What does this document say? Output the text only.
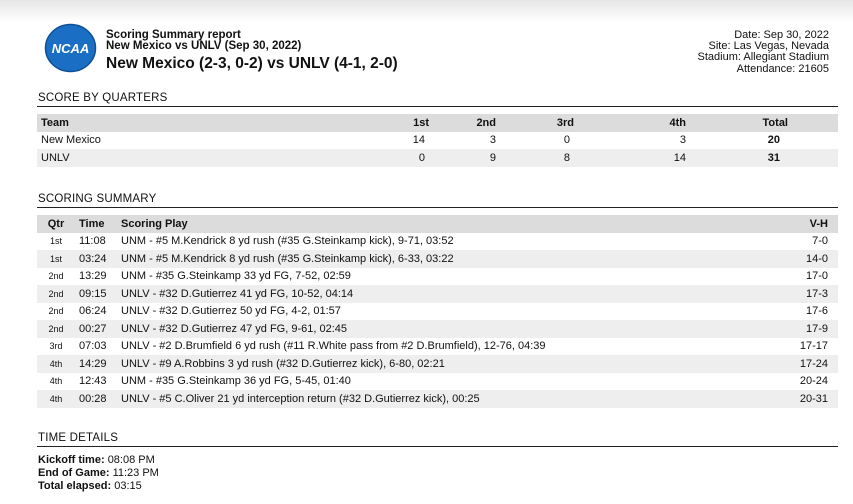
NCAA
Scoring Summary report
New Mexico vs UNLV (Sep 30, 2022)
New Mexico (2-3, 0-2) vs UNLV (4-1, 2-0)
Date: Sep 30, 2022
Site: Las Vegas, Nevada
Stadium: Allegiant Stadium
Attendance: 21605
SCORE BY QUARTERS
Team	1st	2nd	3rd	4th	Total
New Mexico	14	3	0	3	20
UNLV	0	9	8	14	31
SCORING SUMMARY
Qtr	Time	Scoring Play	V-H
1st	11:08	UNM - #5 M.Kendrick 8 yd rush (#35 G.Steinkamp kick), 9-71, 03:52	7-0
1st	03:24	UNM - #5 M.Kendrick 8 yd rush (#35 G.Steinkamp kick), 6-33, 03:22	14-0
2nd	13:29	UNM - #35 G.Steinkamp 33 yd FG, 7-52, 02:59	17-0
2nd	09:15	UNLV - #32 D.Gutierrez 41 yd FG, 10-52, 04:14	17-3
2nd	06:24	UNLV - #32 D.Gutierrez 50 yd FG, 4-2, 01:57	17-6
2nd	00:27	UNLV - #32 D.Gutierrez 47 yd FG, 9-61, 02:45	17-9
3rd	07:03	UNLV - #2 D.Brumfield 6 yd rush (#11 R.White pass from #2 D.Brumfield), 12-76, 04:39	17-17
4th	14:29	UNLV - #9 A.Robbins 3 yd rush (#32 D.Gutierrez kick), 6-80, 02:21	17-24
4th	12:43	UNM - #35 G.Steinkamp 36 yd FG, 5-45, 01:40	20-24
4th	00:28	UNLV - #5 C.Oliver 21 yd interception return (#32 D.Gutierrez kick), 00:25	20-31
TIME DETAILS
Kickoff time: 08:08 PM
End of Game: 11:23 PM
Total elapsed: 03:15
